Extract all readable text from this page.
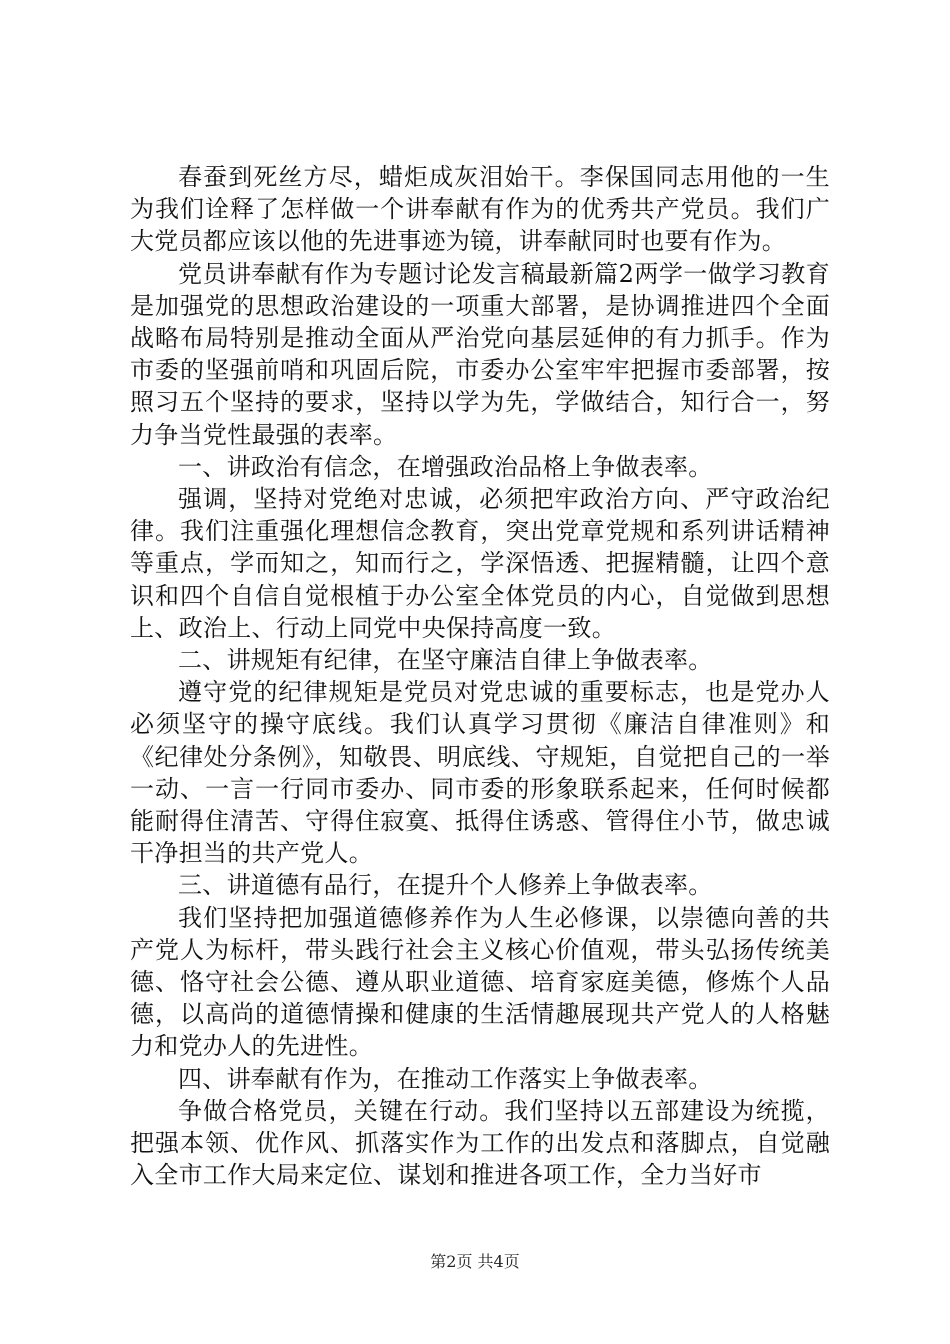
春蚕到死丝方尽，蜡炬成灰泪始干。李保国同志用他的一生为我们诠释了怎样做一个讲奉献有作为的优秀共产党员。我们广大党员都应该以他的先进事迹为镜，讲奉献同时也要有作为。

党员讲奉献有作为专题讨论发言稿最新篇2两学一做学习教育是加强党的思想政治建设的一项重大部署，是协调推进四个全面战略布局特别是推动全面从严治党向基层延伸的有力抓手。作为市委的坚强前哨和巩固后院，市委办公室牢牢把握市委部署，按照习五个坚持的要求，坚持以学为先，学做结合，知行合一，努力争当党性最强的表率。

一、讲政治有信念，在增强政治品格上争做表率。

强调，坚持对党绝对忠诚，必须把牢政治方向、严守政治纪律。我们注重强化理想信念教育，突出党章党规和系列讲话精神等重点，学而知之，知而行之，学深悟透、把握精髓，让四个意识和四个自信自觉根植于办公室全体党员的内心，自觉做到思想上、政治上、行动上同党中央保持高度一致。

二、讲规矩有纪律，在坚守廉洁自律上争做表率。

遵守党的纪律规矩是党员对党忠诚的重要标志，也是党办人必须坚守的操守底线。我们认真学习贯彻《廉洁自律准则》和《纪律处分条例》，知敬畏、明底线、守规矩，自觉把自己的一举一动、一言一行同市委办、同市委的形象联系起来，任何时候都能耐得住清苦、守得住寂寞、抵得住诱惑、管得住小节，做忠诚干净担当的共产党人。

三、讲道德有品行，在提升个人修养上争做表率。

我们坚持把加强道德修养作为人生必修课，以崇德向善的共产党人为标杆，带头践行社会主义核心价值观，带头弘扬传统美德、恪守社会公德、遵从职业道德、培育家庭美德，修炼个人品德，以高尚的道德情操和健康的生活情趣展现共产党人的人格魅力和党办人的先进性。

四、讲奉献有作为，在推动工作落实上争做表率。

争做合格党员，关键在行动。我们坚持以五部建设为统揽，把强本领、优作风、抓落实作为工作的出发点和落脚点，自觉融入全市工作大局来定位、谋划和推进各项工作，全力当好市

第2页 共4页
